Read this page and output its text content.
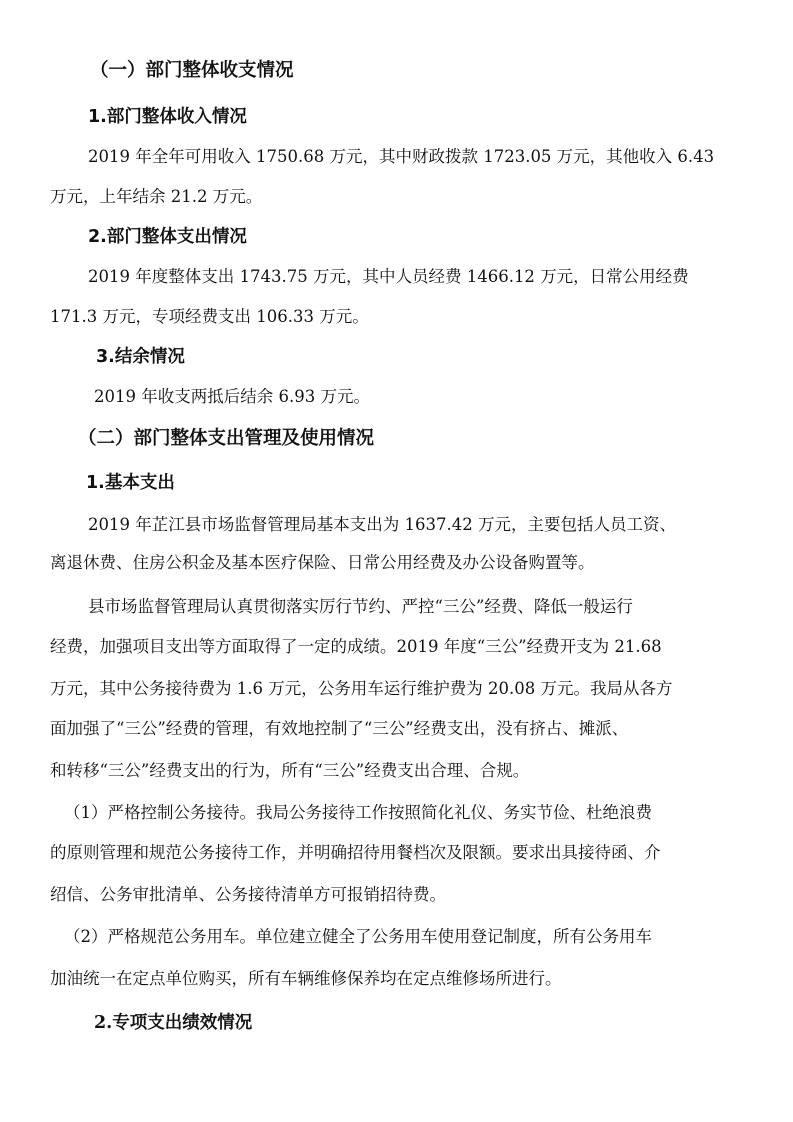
（一）部门整体收支情况
1.部门整体收入情况
2019 年全年可用收入 1750.68 万元，其中财政拨款 1723.05 万元，其他收入 6.43
万元，上年结余 21.2 万元。
2.部门整体支出情况
2019 年度整体支出 1743.75 万元，其中人员经费 1466.12 万元，日常公用经费
171.3 万元，专项经费支出 106.33 万元。
3.结余情况
2019 年收支两抵后结余 6.93 万元。
（二）部门整体支出管理及使用情况
1.基本支出
2019 年芷江县市场监督管理局基本支出为 1637.42 万元，主要包括人员工资、
离退休费、住房公积金及基本医疗保险、日常公用经费及办公设备购置等。
县市场监督管理局认真贯彻落实厉行节约、严控“三公”经费、降低一般运行
经费，加强项目支出等方面取得了一定的成绩。2019 年度“三公”经费开支为 21.68
万元，其中公务接待费为 1.6 万元，公务用车运行维护费为 20.08 万元。我局从各方
面加强了“三公”经费的管理，有效地控制了“三公”经费支出，没有挤占、摊派、
和转移“三公”经费支出的行为，所有“三公”经费支出合理、合规。
（1）严格控制公务接待。我局公务接待工作按照简化礼仪、务实节俭、杜绝浪费
的原则管理和规范公务接待工作，并明确招待用餐档次及限额。要求出具接待函、介
绍信、公务审批清单、公务接待清单方可报销招待费。
（2）严格规范公务用车。单位建立健全了公务用车使用登记制度，所有公务用车
加油统一在定点单位购买，所有车辆维修保养均在定点维修场所进行。
2.专项支出绩效情况
